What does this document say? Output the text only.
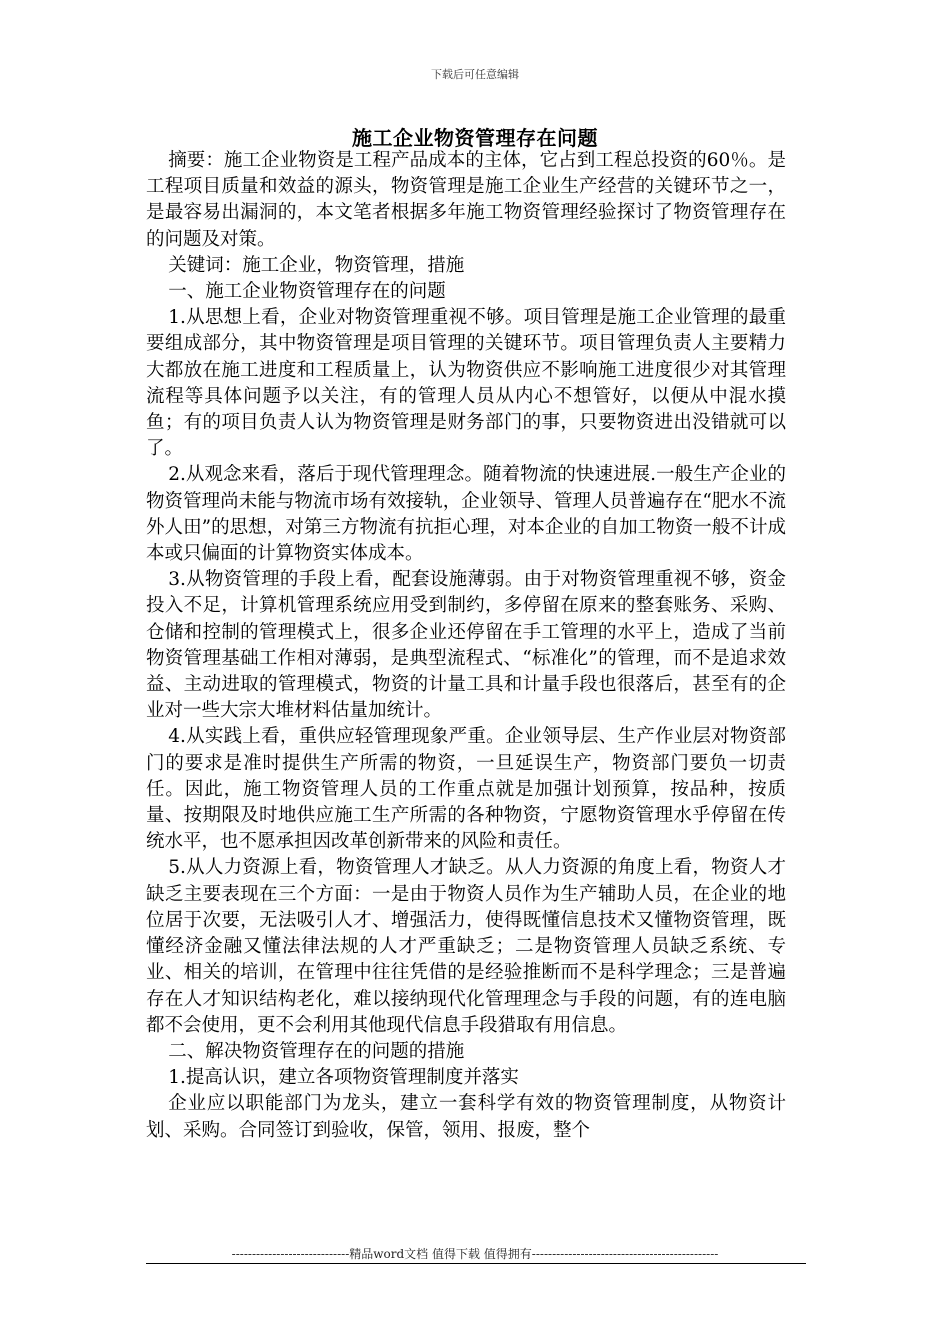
下载后可任意编辑
施工企业物资管理存在问题

摘要：施工企业物资是工程产品成本的主体，它占到工程总投资的60％。是工程项目质量和效益的源头，物资管理是施工企业生产经营的关键环节之一，是最容易出漏洞的，本文笔者根据多年施工物资管理经验探讨了物资管理存在的问题及对策。

关键词：施工企业，物资管理，措施

一、施工企业物资管理存在的问题

1.从思想上看，企业对物资管理重视不够。项目管理是施工企业管理的最重要组成部分，其中物资管理是项目管理的关键环节。项目管理负责人主要精力大都放在施工进度和工程质量上，认为物资供应不影响施工进度很少对其管理流程等具体问题予以关注，有的管理人员从内心不想管好，以便从中混水摸鱼；有的项目负责人认为物资管理是财务部门的事，只要物资进出没错就可以了。

2.从观念来看，落后于现代管理理念。随着物流的快速进展.一般生产企业的物资管理尚未能与物流市场有效接轨，企业领导、管理人员普遍存在“肥水不流外人田”的思想，对第三方物流有抗拒心理，对本企业的自加工物资一般不计成本或只偏面的计算物资实体成本。

3.从物资管理的手段上看，配套设施薄弱。由于对物资管理重视不够，资金投入不足，计算机管理系统应用受到制约，多停留在原来的整套账务、采购、仓储和控制的管理模式上，很多企业还停留在手工管理的水平上，造成了当前物资管理基础工作相对薄弱，是典型流程式、“标准化”的管理，而不是追求效益、主动进取的管理模式，物资的计量工具和计量手段也很落后，甚至有的企业对一些大宗大堆材料估量加统计。

4.从实践上看，重供应轻管理现象严重。企业领导层、生产作业层对物资部门的要求是准时提供生产所需的物资，一旦延误生产，物资部门要负一切责任。因此，施工物资管理人员的工作重点就是加强计划预算，按品种，按质量、按期限及时地供应施工生产所需的各种物资，宁愿物资管理水乎停留在传统水平，也不愿承担因改革创新带来的风险和责任。

5.从人力资源上看，物资管理人才缺乏。从人力资源的角度上看，物资人才缺乏主要表现在三个方面：一是由于物资人员作为生产辅助人员，在企业的地位居于次要，无法吸引人才、增强活力，使得既懂信息技术又懂物资管理，既懂经济金融又懂法律法规的人才严重缺乏；二是物资管理人员缺乏系统、专业、相关的培训，在管理中往往凭借的是经验推断而不是科学理念；三是普遍存在人才知识结构老化，难以接纳现代化管理理念与手段的问题，有的连电脑都不会使用，更不会利用其他现代信息手段猎取有用信息。

二、解决物资管理存在的问题的措施

1.提高认识，建立各项物资管理制度并落实

企业应以职能部门为龙头，建立一套科学有效的物资管理制度，从物资计划、采购。合同签订到验收，保管，领用、报废，整个

-----------------------------精品word文档 值得下载 值得拥有----------------------------------------------
